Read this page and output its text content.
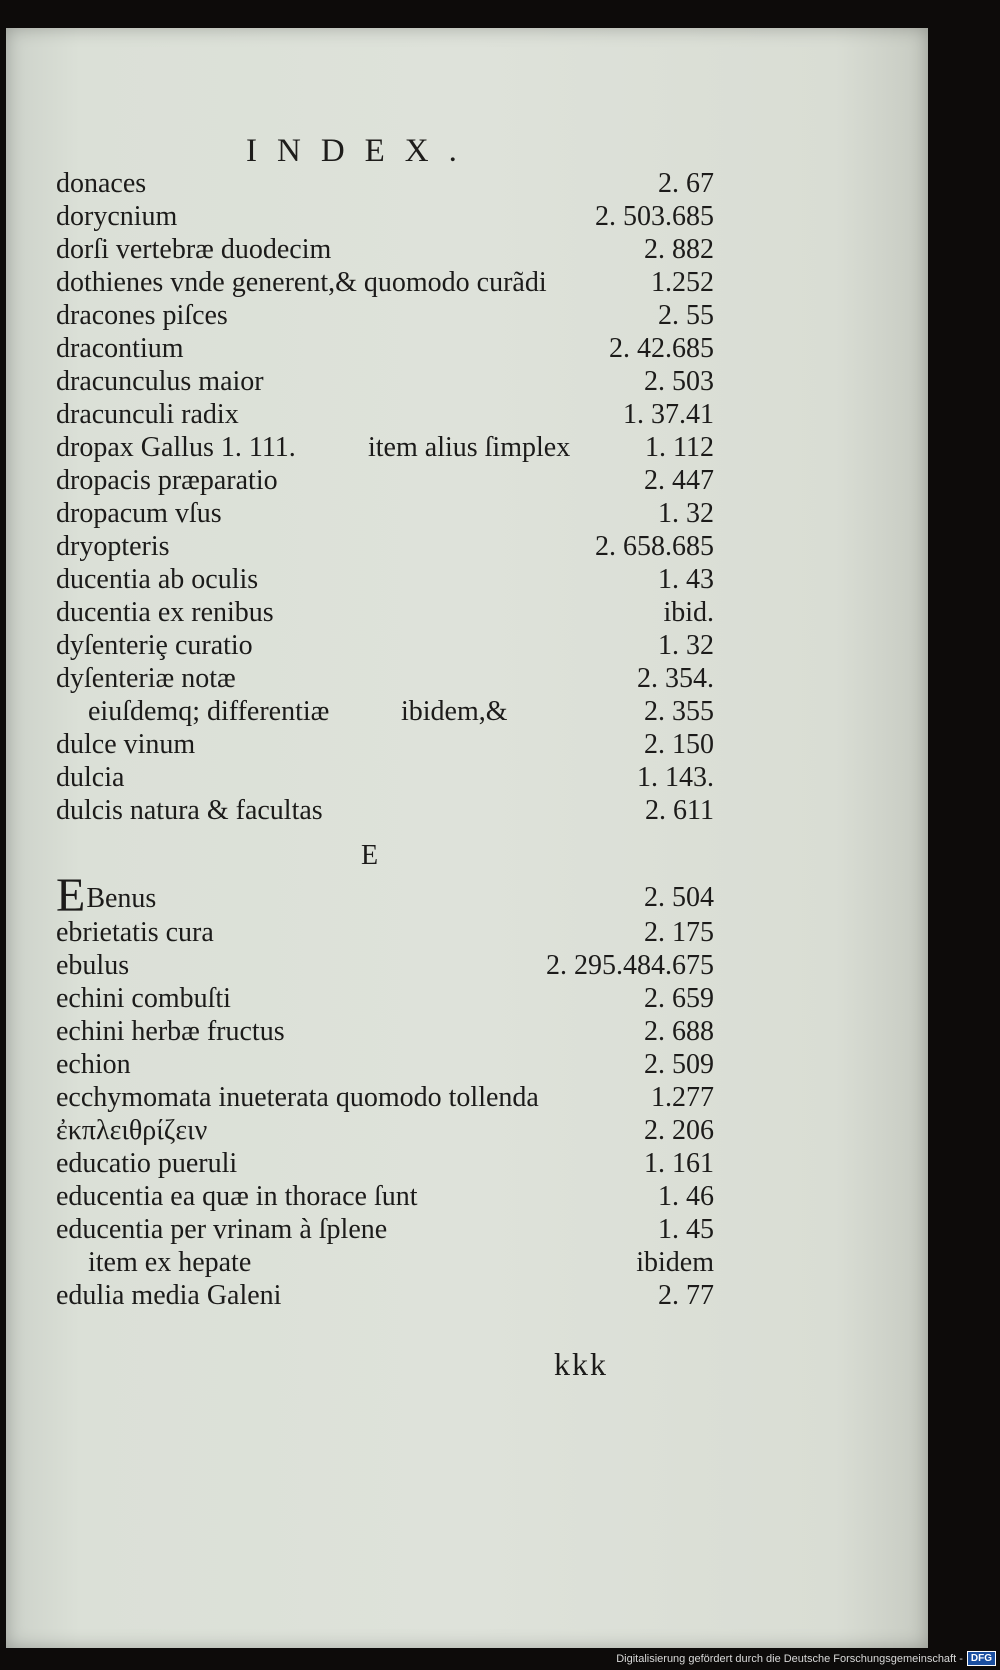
INDEX.
donaces	2. 67
dorycnium	2. 503.685
dorſi vertebræ duodecim	2. 882
dothienes vnde generent,& quomodo curãdi	1.252
dracones piſces	2. 55
dracontium	2. 42.685
dracunculus maior	2. 503
dracunculi radix	1. 37.41
dropax Gallus 1. 111.	item alius ſimplex	1. 112
dropacis præparatio	2. 447
dropacum vſus	1. 32
dryopteris	2. 658.685
ducentia ab oculis	1. 43
ducentia ex renibus	ibid.
dyſenteriȩ curatio	1. 32
dyſenteriæ notæ	2. 354.
eiuſdemq; differentiæ	ibidem,&	2. 355
dulce vinum	2. 150
dulcia	1. 143.
dulcis natura & facultas	2. 611
E
EBenus	2. 504
ebrietatis cura	2. 175
ebulus	2. 295.484.675
echini combuſti	2. 659
echini herbæ fructus	2. 688
echion	2. 509
ecchymomata inueterata quomodo tollenda	1.277
ἐκπλειθρίζειν	2. 206
educatio pueruli	1. 161
educentia ea quæ in thorace ſunt	1. 46
educentia per vrinam à ſplene	1. 45
item ex hepate	ibidem
edulia media Galeni	2. 77
kkk
Digitalisierung gefördert durch die Deutsche Forschungsgemeinschaft - DFG
